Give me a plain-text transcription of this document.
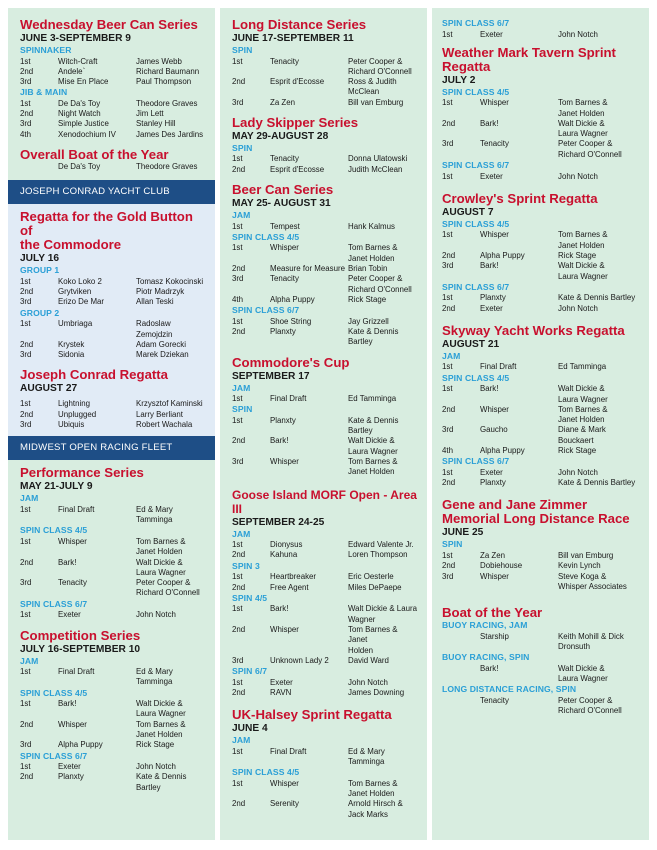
Wednesday Beer Can Series
JUNE 3-SEPTEMBER 9
SPINNAKER
1st	Witch-Craft	James Webb
2nd	Andele`	Richard Baumann
3rd	Mise En Place	Paul Thompson
JIB & MAIN
1st	De Da's Toy	Theodore Graves
2nd	Night Watch	Jim Lett
3rd	Simple Justice	Stanley Hill
4th	Xenodochium IV	James Des Jardins
Overall Boat of the Year
De Da's Toy	Theodore Graves
JOSEPH CONRAD YACHT CLUB
Regatta for the Gold Button of
the Commodore
JULY 16
GROUP 1
1st	Koko Loko 2	Tomasz Kokocinski
2nd	Grytviken	Piotr Madrzyk
3rd	Erizo De Mar	Allan Teski
GROUP 2
1st	Umbriaga	Radoslaw Zemojdzin
2nd	Krystek	Adam Gorecki
3rd	Sidonia	Marek Dziekan
Joseph Conrad Regatta
AUGUST 27
1st	Lightning	Krzysztof Kaminski
2nd	Unplugged	Larry Berliant
3rd	Ubiquis	Robert Wachala
MIDWEST OPEN RACING FLEET
Performance Series
MAY 21-JULY 9
JAM
1st	Final Draft	Ed & Mary Tamminga
SPIN CLASS 4/5
1st	Whisper	Tom Barnes &
Janet Holden
2nd	Bark!	Walt Dickie &
Laura Wagner
3rd	Tenacity	Peter Cooper &
Richard O'Connell
SPIN CLASS 6/7
1st	Exeter	John Notch
Competition Series
JULY 16-SEPTEMBER 10
JAM
1st	Final Draft	Ed & Mary Tamminga
SPIN CLASS 4/5
1st	Bark!	Walt Dickie &
Laura Wagner
2nd	Whisper	Tom Barnes &
Janet Holden
3rd	Alpha Puppy	Rick Stage
SPIN CLASS 6/7
1st	Exeter	John Notch
2nd	Planxty	Kate & Dennis Bartley
Long Distance Series
JUNE 17-SEPTEMBER 11
SPIN
1st	Tenacity	Peter Cooper &
Richard O'Connell
2nd	Esprit d'Ecosse	Ross & Judith
McClean
3rd	Za Zen	Bill van Emburg
Lady Skipper Series
MAY 29-AUGUST 28
SPIN
1st	Tenacity	Donna Ulatowski
2nd	Esprit d'Ecosse	Judith McClean
Beer Can Series
MAY 25- AUGUST 31
JAM
1st	Tempest	Hank Kalmus
SPIN CLASS 4/5
1st	Whisper	Tom Barnes &
Janet Holden
2nd	Measure for Measure Brian Tobin
3rd	Tenacity	Peter Cooper &
Richard O'Connell
4th	Alpha Puppy	Rick Stage
SPIN CLASS 6/7
1st	Shoe String	Jay Grizzell
2nd	Planxty	Kate & Dennis Bartley
Commodore's Cup
SEPTEMBER 17
JAM
1st	Final Draft	Ed Tamminga
SPIN
1st	Planxty	Kate & Dennis Bartley
2nd	Bark!	Walt Dickie &
Laura Wagner
3rd	Whisper	Tom Barnes &
Janet Holden
Goose Island MORF Open - Area III
SEPTEMBER 24-25
JAM
1st	Dionysus	Edward Valente Jr.
2nd	Kahuna	Loren Thompson
SPIN 3
1st	Heartbreaker	Eric Oesterle
2nd	Free Agent	Miles DePaepe
SPIN 4/5
1st	Bark!	Walt Dickie & Laura
Wagner
2nd	Whisper	Tom Barnes & Janet
Holden
3rd	Unknown Lady 2	David Ward
SPIN 6/7
1st	Exeter	John Notch
2nd	RAVN	James Downing
UK-Halsey Sprint Regatta
JUNE 4
JAM
1st	Final Draft	Ed & Mary Tamminga
SPIN CLASS 4/5
1st	Whisper	Tom Barnes &
Janet Holden
2nd	Serenity	Arnold Hirsch &
Jack Marks
SPIN CLASS 6/7
1st	Exeter	John Notch
Weather Mark Tavern Sprint
Regatta
JULY 2
SPIN CLASS 4/5
1st	Whisper	Tom Barnes &
Janet Holden
2nd	Bark!	Walt Dickie &
Laura Wagner
3rd	Tenacity	Peter Cooper &
Richard O'Connell
SPIN CLASS 6/7
1st	Exeter	John Notch
Crowley's Sprint Regatta
AUGUST 7
SPIN CLASS 4/5
1st	Whisper	Tom Barnes &
Janet Holden
2nd	Alpha Puppy	Rick Stage
3rd	Bark!	Walt Dickie &
Laura Wagner
SPIN CLASS 6/7
1st	Planxty	Kate & Dennis Bartley
2nd	Exeter	John Notch
Skyway Yacht Works Regatta
AUGUST 21
JAM
1st	Final Draft	Ed Tamminga
SPIN CLASS 4/5
1st	Bark!	Walt Dickie &
Laura Wagner
2nd	Whisper	Tom Barnes &
Janet Holden
3rd	Gaucho	Diane & Mark
Bouckaert
4th	Alpha Puppy	Rick Stage
SPIN CLASS 6/7
1st	Exeter	John Notch
2nd	Planxty	Kate & Dennis Bartley
Gene and Jane Zimmer
Memorial Long Distance Race
JUNE 25
SPIN
1st	Za Zen	Bill van Emburg
2nd	Dobiehouse	Kevin Lynch
3rd	Whisper	Steve Koga &
Whisper Associates
Boat of the Year
BUOY RACING, JAM
Starship	Keith Mohill & Dick
Dronsuth
BUOY RACING, SPIN
Bark!	Walt Dickie &
Laura Wagner
LONG DISTANCE RACING, SPIN
Tenacity	Peter Cooper &
Richard O'Connell
